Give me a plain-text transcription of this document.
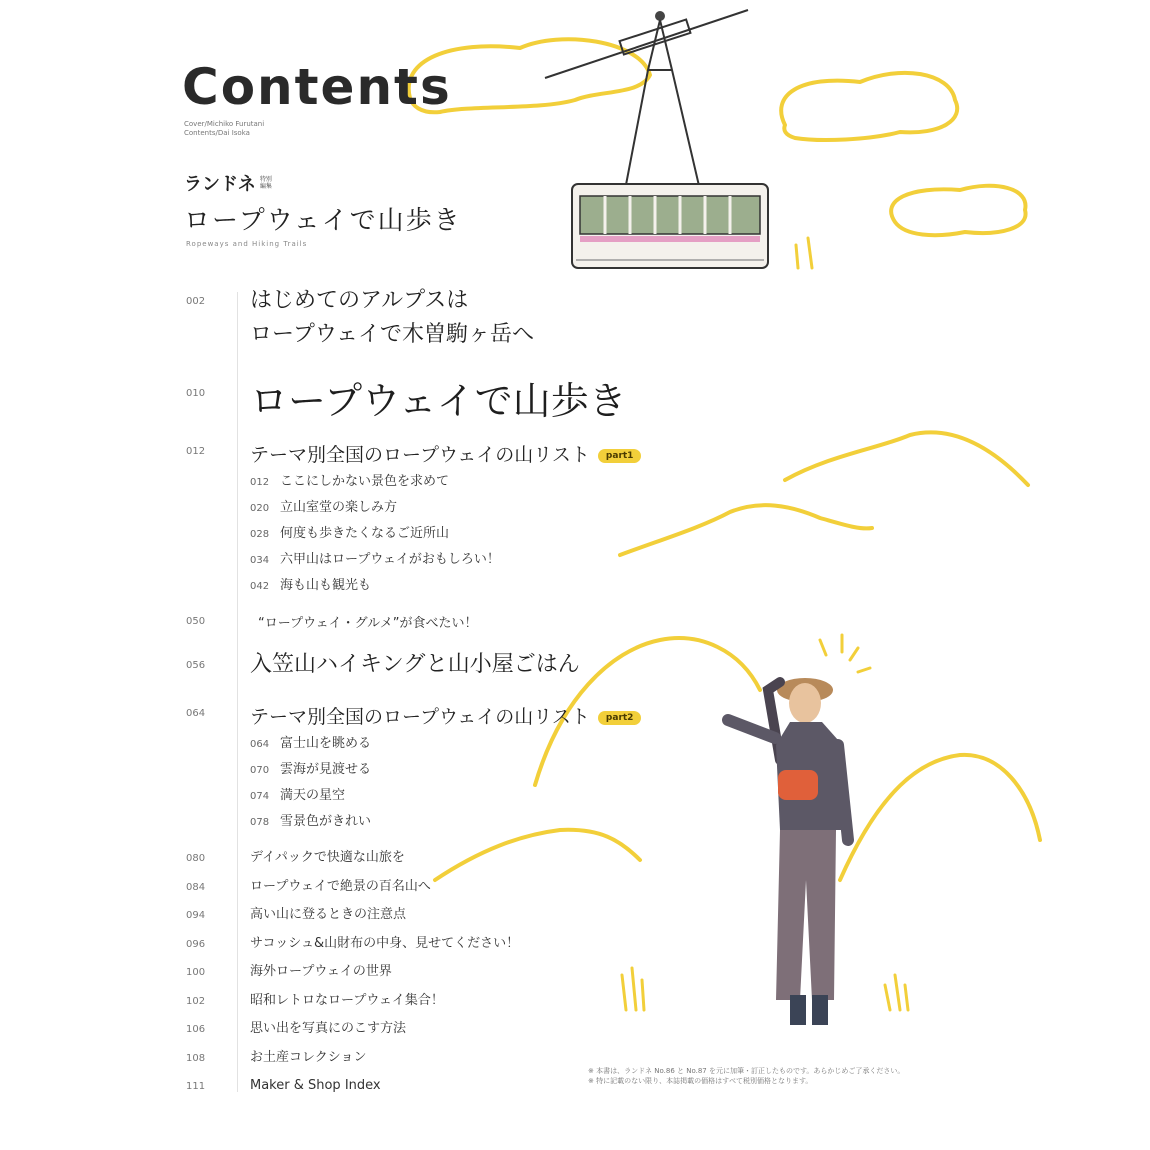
Contents
Cover/Michiko Furutani
Contents/Dai Isoka
ランドネ 特別
編集
ロープウェイで山歩き
Ropeways and Hiking Trails
002 はじめてのアルプスは
ロープウェイで木曽駒ヶ岳へ
010 ロープウェイで山歩き
012 テーマ別全国のロープウェイの山リスト part1
012 ここにしかない景色を求めて
020 立山室堂の楽しみ方
028 何度も歩きたくなるご近所山
034 六甲山はロープウェイがおもしろい！
042 海も山も観光も
050	“ロープウェイ・グルメ”が食べたい！
056 入笠山ハイキングと山小屋ごはん
064 テーマ別全国のロープウェイの山リスト part2
064 富士山を眺める
070 雲海が見渡せる
074 満天の星空
078 雪景色がきれい
080	デイパックで快適な山旅を
084	ロープウェイで絶景の百名山へ
094	高い山に登るときの注意点
096	サコッシュ&山財布の中身、見せてください！
100	海外ロープウェイの世界
102	昭和レトロなロープウェイ集合！
106	思い出を写真にのこす方法
108	お土産コレクション
111	Maker & Shop Index
※ 本書は、ランドネ No.86 と No.87 を元に加筆・訂正したものです。あらかじめご了承ください。
※ 特に記載のない限り、本誌掲載の価格はすべて税別価格となります。
